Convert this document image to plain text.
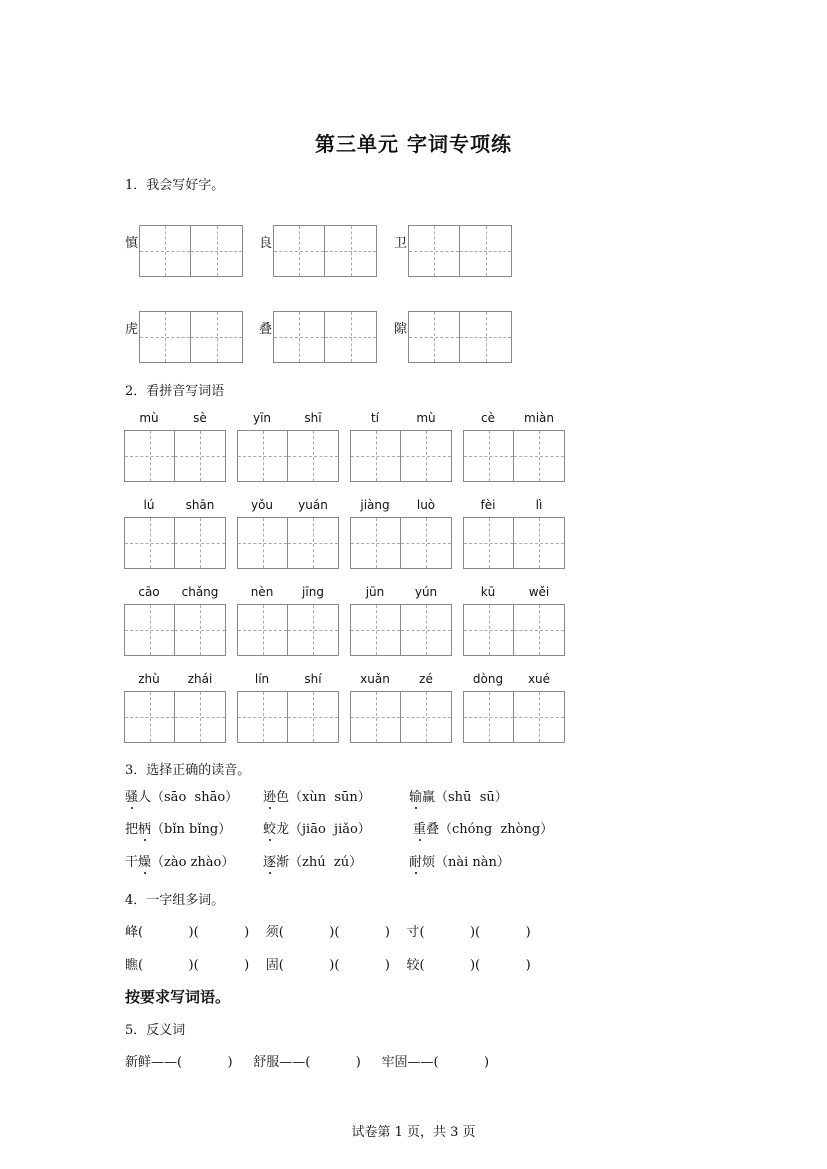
第三单元 字词专项练
1．我会写好字。
慎	良	卫
虎	叠	隙
2．看拼音写词语
mù	sè	yīn	shī	tí	mù	cè	miàn
lú	shān	yǒu	yuán	jiàng	luò	fèi	lì
cāo	chǎng	nèn	jīng	jūn	yún	kū	wěi
zhù	zhái	lín	shí	xuǎn	zé	dòng	xué
3．选择正确的读音。
骚人（sāo  shāo） 逊色（xùn  sūn）	输赢（shū  sū）
把柄（bǐn bǐng） 蛟龙（jiāo  jiǎo）	重叠（chóng  zhòng）
干燥（zào zhào） 逐渐（zhú  zú）	耐烦（nài nàn）
4．一字组多词。
峰(           )(           )    须(           )(           )    寸(           )(           )
瞧(           )(           )    固(           )(           )    较(           )(           )
按要求写词语。
5．反义词
新鲜——(           )     舒服——(           )     牢固——(           )
试卷第 1 页，共 3 页
